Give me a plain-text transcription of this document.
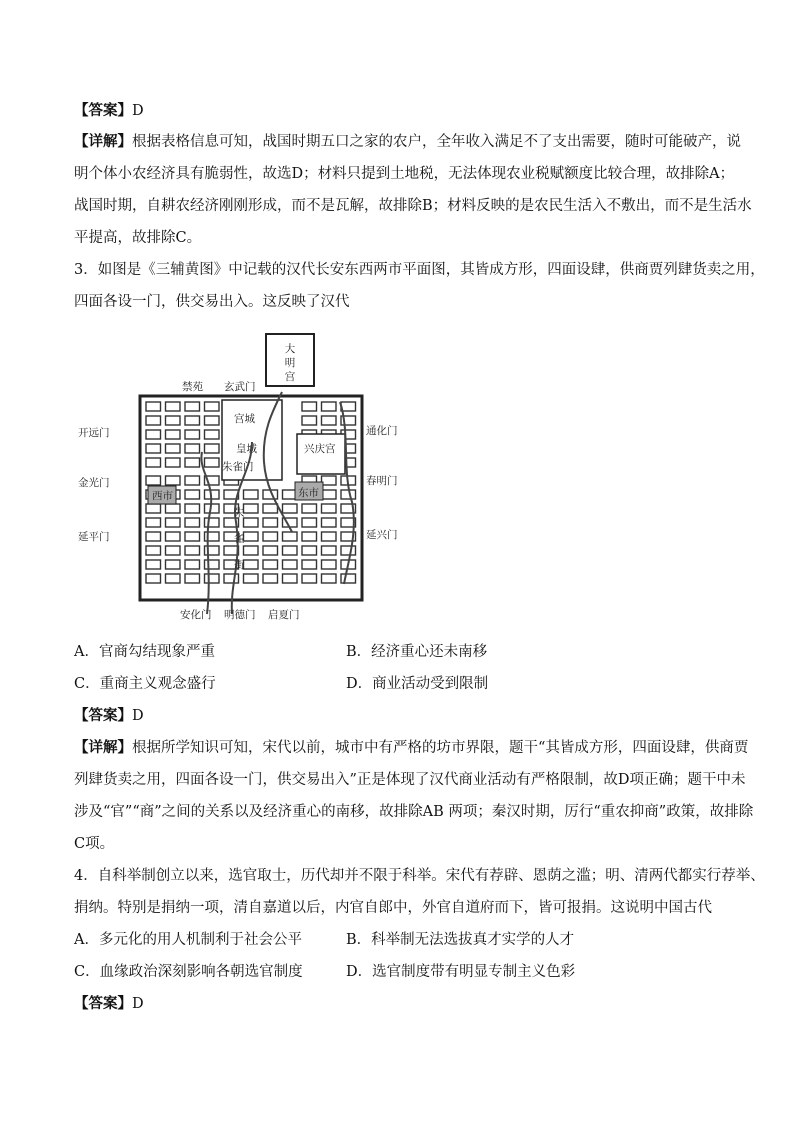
【答案】D
【详解】根据表格信息可知，战国时期五口之家的农户，全年收入满足不了支出需要，随时可能破产，说
明个体小农经济具有脆弱性，故选D；材料只提到土地税，无法体现农业税赋额度比较合理，故排除A；
战国时期，自耕农经济刚刚形成，而不是瓦解，故排除B；材料反映的是农民生活入不敷出，而不是生活水
平提高，故排除C。
3．如图是《三辅黄图》中记载的汉代长安东西两市平面图，其皆成方形，四面设肆，供商贾列肆货卖之用，
四面各设一门，供交易出入。这反映了汉代
大
明
宫
禁苑 玄武门
宫城
皇城
朱雀门
兴庆宫
通化门
春明门
延兴门
开远门
金光门
延平门
西市	东市
朱
雀
街
安化门 明德门 启夏门
A．官商勾结现象严重	B．经济重心还未南移
C．重商主义观念盛行	D．商业活动受到限制
【答案】D
【详解】根据所学知识可知，宋代以前，城市中有严格的坊市界限，题干“其皆成方形，四面设肆，供商贾
列肆货卖之用，四面各设一门，供交易出入”正是体现了汉代商业活动有严格限制，故D项正确；题干中未
涉及“官”“商”之间的关系以及经济重心的南移，故排除AB 两项；秦汉时期，厉行“重农抑商”政策，故排除
C项。
4．自科举制创立以来，选官取士，历代却并不限于科举。宋代有荐辟、恩荫之滥；明、清两代都实行荐举、
捐纳。特别是捐纳一项，清自嘉道以后，内官自郎中，外官自道府而下，皆可报捐。这说明中国古代
A．多元化的用人机制利于社会公平	B．科举制无法选拔真才实学的人才
C．血缘政治深刻影响各朝选官制度	D．选官制度带有明显专制主义色彩
【答案】D
